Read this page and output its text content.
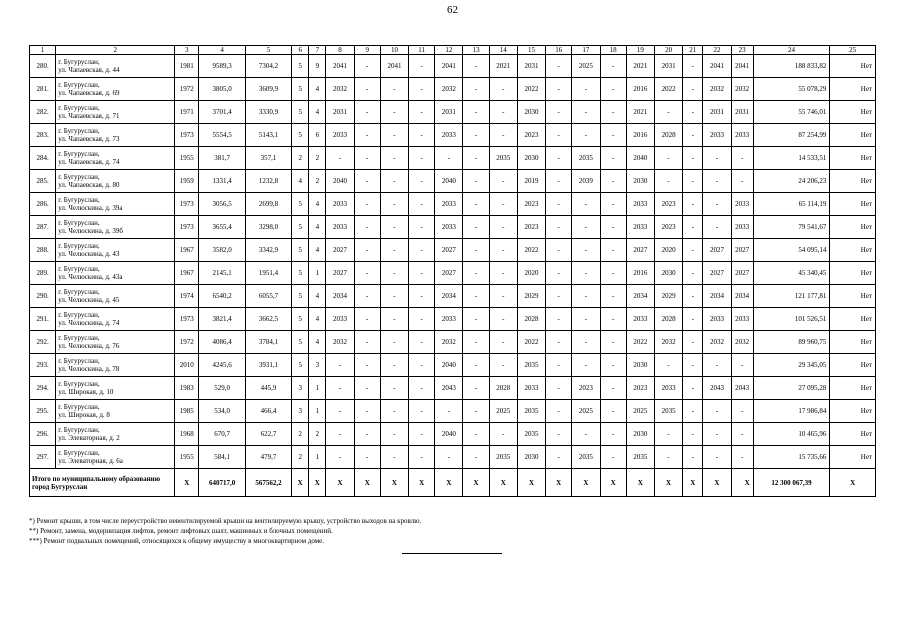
62
1	2	3	4	5	6	7	8	9	10	11	12	13	14	15	16	17	18	19	20	21	22	23	24	25
280.	г. Бугуруслан,
ул. Чапаевская, д. 44	1981	9589,3	7304,2	5	9	2041	-	2041	-	2041	-	2021	2031	-	2025	-	2021	2031	-	2041	2041	188 833,82	Нет
281.	г. Бугуруслан,
ул. Чапаевская, д. 69	1972	3805,0	3609,9	5	4	2032	-	-	-	2032	-	-	2022	-	-	-	2016	2022	-	2032	2032	55 078,29	Нет
282.	г. Бугуруслан,
ул. Чапаевская, д. 71	1971	3701,4	3330,9	5	4	2031	-	-	-	2031	-	-	2030	-	-	-	2021	-	-	2031	2031	55 746,01	Нет
283.	г. Бугуруслан,
ул. Чапаевская, д. 73	1973	5554,5	5143,1	5	6	2033	-	-	-	2033	-	-	2023	-	-	-	2016	2028	-	2033	2033	87 254,99	Нет
284.	г. Бугуруслан,
ул. Чапаевская, д. 74	1955	381,7	357,1	2	2	-	-	-	-	-	-	2035	2030	-	2035	-	2040	-	-	-	-	14 533,51	Нет
285.	г. Бугуруслан,
ул. Чапаевская, д. 80	1959	1331,4	1232,8	4	2	2040	-	-	-	2040	-	-	2019	-	2039	-	2030	-	-	-	-	24 206,23	Нет
286.	г. Бугуруслан,
ул. Челюскина, д. 39а	1973	3056,5	2699,8	5	4	2033	-	-	-	2033	-	-	2023	-	-	-	2033	2023	-	-	2033	65 114,19	Нет
287.	г. Бугуруслан,
ул. Челюскина, д. 39б	1973	3655,4	3298,0	5	4	2033	-	-	-	2033	-	-	2023	-	-	-	2033	2023	-	-	2033	79 541,67	Нет
288.	г. Бугуруслан,
ул. Челюскина, д. 43	1967	3582,0	3342,9	5	4	2027	-	-	-	2027	-	-	2022	-	-	-	2027	2020	-	2027	2027	54 095,14	Нет
289.	г. Бугуруслан,
ул. Челюскина, д. 43а	1967	2145,1	1951,4	5	1	2027	-	-	-	2027	-	-	2020	-	-	-	2016	2030	-	2027	2027	45 340,45	Нет
290.	г. Бугуруслан,
ул. Челюскина, д. 45	1974	6540,2	6055,7	5	4	2034	-	-	-	2034	-	-	2029	-	-	-	2034	2029	-	2034	2034	121 177,81	Нет
291.	г. Бугуруслан,
ул. Челюскина, д. 74	1973	3821,4	3662,5	5	4	2033	-	-	-	2033	-	-	2028	-	-	-	2033	2028	-	2033	2033	101 526,51	Нет
292.	г. Бугуруслан,
ул. Челюскина, д. 76	1972	4086,4	3784,1	5	4	2032	-	-	-	2032	-	-	2022	-	-	-	2022	2032	-	2032	2032	89 960,75	Нет
293.	г. Бугуруслан,
ул. Челюскина, д. 78	2010	4245,6	3931,1	5	3	-	-	-	-	2040	-	-	2035	-	-	-	2030	-	-	-	-	29 345,05	Нет
294.	г. Бугуруслан,
ул. Широкая, д. 10	1983	529,0	445,9	3	1	-	-	-	-	2043	-	2028	2033	-	2023	-	2023	2033	-	2043	2043	27 095,28	Нет
295.	г. Бугуруслан,
ул. Широкая, д. 8	1985	534,0	466,4	3	1	-	-	-	-	-	-	2025	2035	-	2025	-	2025	2035	-	-	-	17 986,84	Нет
296.	г. Бугуруслан,
ул. Элеваторная, д. 2	1968	670,7	622,7	2	2	-	-	-	-	2040	-	-	2035	-	-	-	2030	-	-	-	-	10 465,96	Нет
297.	г. Бугуруслан,
ул. Элеваторная, д. 6а	1955	584,1	479,7	2	1	-	-	-	-	-	-	2035	2030	-	2035	-	2035	-	-	-	-	15 735,66	Нет
Итого по муниципальному образованию город Бугуруслан		X	640717,0	567562,2	X	X	X	X	X	X	X	X	X	X	X	X	X	X	X	X	X	X	12 300 067,39	X
*) Ремонт крыши, в том числе переустройство невентилируемой крыши на вентилируемую крышу, устройство выходов на кровлю.
**) Ремонт, замена, модернизация лифтов, ремонт лифтовых шахт, машинных и блочных помещений.
***) Ремонт подвальных помещений, относящихся к общему имуществу в многоквартирном доме.
